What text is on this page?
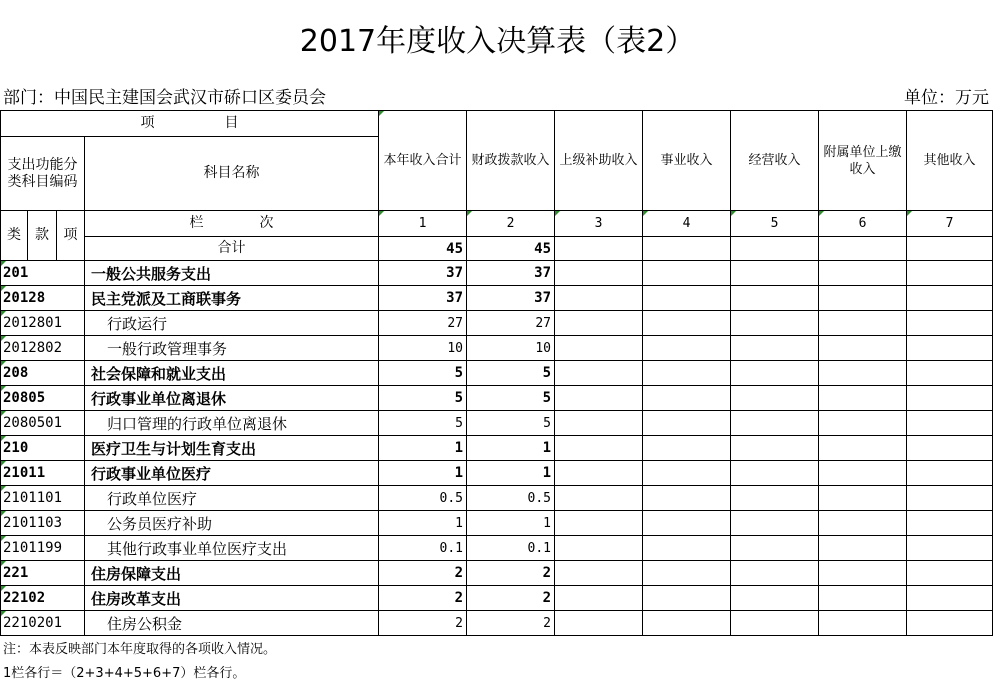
2017年度收入决算表（表2）
部门：中国民主建国会武汉市硚口区委员会	单位：万元
项　　　　　目				本年收入合计	财政拨款收入	上级补助收入	事业收入	经营收入	附属单位上缴收入	其他收入
支出功能分类科目编码			科目名称							

类	款	项	栏　　　　次	1	2	3	4	5	6	7
			合计	45	45					
201			一般公共服务支出	37	37					
20128			民主党派及工商联事务	37	37					
2012801			行政运行	27	27					
2012802			一般行政管理事务	10	10					
208			社会保障和就业支出	5	5					
20805			行政事业单位离退休	5	5					
2080501			归口管理的行政单位离退休	5	5					
210			医疗卫生与计划生育支出	1	1					
21011			行政事业单位医疗	1	1					
2101101			行政单位医疗	0.5	0.5					
2101103			公务员医疗补助	1	1					
2101199			其他行政事业单位医疗支出	0.1	0.1					
221			住房保障支出	2	2					
22102			住房改革支出	2	2					
2210201			住房公积金	2	2					
注：本表反映部门本年度取得的各项收入情况。
1栏各行＝（2+3+4+5+6+7）栏各行。
